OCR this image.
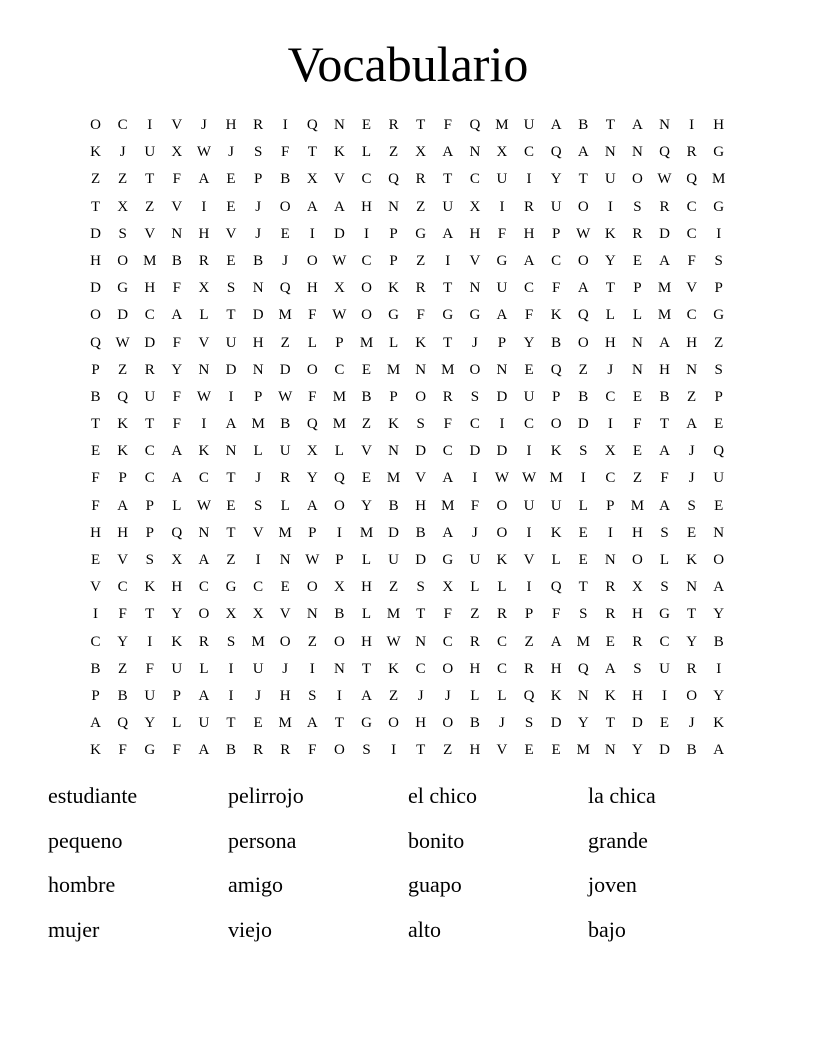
Vocabulario
O	C	I	V	J	H	R	I	Q	N	E	R	T	F	Q	M	U	A	B	T	A	N	I	H
K	J	U	X W	J	S	F	T	K	L	Z	X	A	N	X	C	Q	A	N	N	Q	R	G
Z	Z	T	F	A	E	P	B	X	V	C	Q	R	T	C	U	I	Y	T	U	O W Q	M
T	X	Z	V	I	E	J	O	A	A	H	N	Z	U	X	I	R	U	O	I	S	R	C	G
D	S	V	N	H	V	J	E	I	D	I	P	G	A	H	F	H	P	W K	R	D	C	I
H	O	M	B	R	E	B	J	O W	C	P	Z	I	V	G	A	C	O	Y	E	A	F	S
D	G	H	F	X	S	N	Q	H	X	O	K	R	T	N	U	C	F	A	T	P	M	V	P
O	D	C	A	L	T	D	M	F	W O	G	F	G	G	A	F	K	Q	L	L	M	C	G
Q W D	F	V	U	H	Z	L	P	M	L	K	T	J	P	Y	B	O	H	N	A	H	Z
P	Z	R	Y	N	D	N	D	O	C	E	M	N	M	O	N	E	Q	Z	J	N	H	N	S
B	Q	U	F	W	I	P	W	F	M	B	P	O	R	S	D	U	P	B	C	E	B	Z	P
T	K	T	F	I	A	M	B	Q	M	Z	K	S	F	C	I	C	O	D	I	F	T	A	E
E	K	C	A	K	N	L	U	X	L	V	N	D	C	D	D	I	K	S	X	E	A	J	Q
F	P	C	A	C	T	J	R	Y	Q	E	M	V	A	I	W W M	I	C	Z	F	J	U
F	A	P	L	W	E	S	L	A	O	Y	B	H	M	F	O	U	U	L	P	M	A	S	E
H	H	P	Q	N	T	V	M	P	I	M	D	B	A	J	O	I	K	E	I	H	S	E	N
E	V	S	X	A	Z	I	N W	P	L	U	D	G	U	K	V	L	E	N	O	L	K	O
V	C	K	H	C	G	C	E	O	X	H	Z	S	X	L	L	I	Q	T	R	X	S	N	A
I	F	T	Y	O	X	X	V	N	B	L	M	T	F	Z	R	P	F	S	R	H	G	T	Y
C	Y	I	K	R	S	M	O	Z	O	H W N	C	R	C	Z	A	M	E	R	C	Y	B
B	Z	F	U	L	I	U	J	I	N	T	K	C	O	H	C	R	H	Q	A	S	U	R	I
P	B	U	P	A	I	J	H	S	I	A	Z	J	J	L	L	Q	K	N	K	H	I	O	Y
A	Q	Y	L	U	T	E	M	A	T	G	O	H	O	B	J	S	D	Y	T	D	E	J	K
K	F	G	F	A	B	R	R	F	O	S	I	T	Z	H	V	E	E	M	N	Y	D	B	A
estudiante	pelirrojo	el chico	la chica
pequeno	persona	bonito	grande
hombre	amigo	guapo	joven
mujer	viejo	alto	bajo
